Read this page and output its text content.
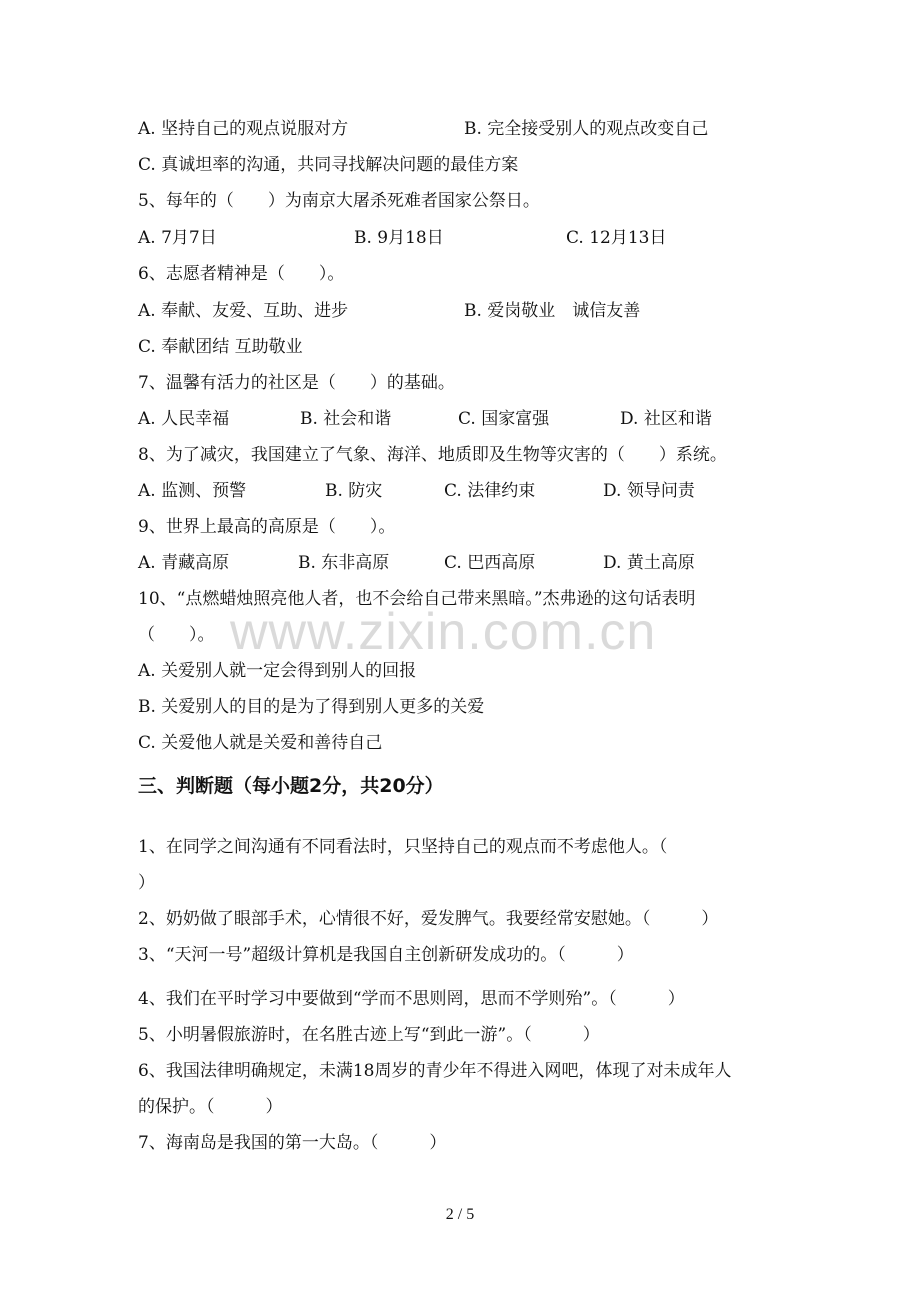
A. 坚持自己的观点说服对方	B. 完全接受别人的观点改变自己
C. 真诚坦率的沟通，共同寻找解决问题的最佳方案
5、每年的（　　）为南京大屠杀死难者国家公祭日。
A. 7月7日	B. 9月18日	C. 12月13日
6、志愿者精神是（　　）。
A. 奉献、友爱、互助、进步	B. 爱岗敬业　诚信友善
C. 奉献团结 互助敬业
7、温馨有活力的社区是（　　）的基础。
A. 人民幸福	B. 社会和谐	C. 国家富强	D. 社区和谐
8、为了减灾，我国建立了气象、海洋、地质即及生物等灾害的（　　）系统。
A. 监测、预警	B. 防灾	C. 法律约束	D. 领导问责
9、世界上最高的高原是（　　）。
A. 青藏高原	B. 东非高原	C. 巴西高原	D. 黄土高原
10、“点燃蜡烛照亮他人者，也不会给自己带来黑暗。”杰弗逊的这句话表明
（　　）。
A. 关爱别人就一定会得到别人的回报
B. 关爱别人的目的是为了得到别人更多的关爱
C. 关爱他人就是关爱和善待自己
三、判断题（每小题2分，共20分）
1、在同学之间沟通有不同看法时，只坚持自己的观点而不考虑他人。（
）
2、奶奶做了眼部手术，心情很不好，爱发脾气。我要经常安慰她。（　　　）
3、“天河一号”超级计算机是我国自主创新研发成功的。（　　　）
4、我们在平时学习中要做到“学而不思则罔，思而不学则殆”。（　　　）
5、小明暑假旅游时，在名胜古迹上写“到此一游”。（　　　）
6、我国法律明确规定，未满18周岁的青少年不得进入网吧，体现了对未成年人
的保护。（　　　）
7、海南岛是我国的第一大岛。（　　　）
www.zixin.com.cn
2 / 5
